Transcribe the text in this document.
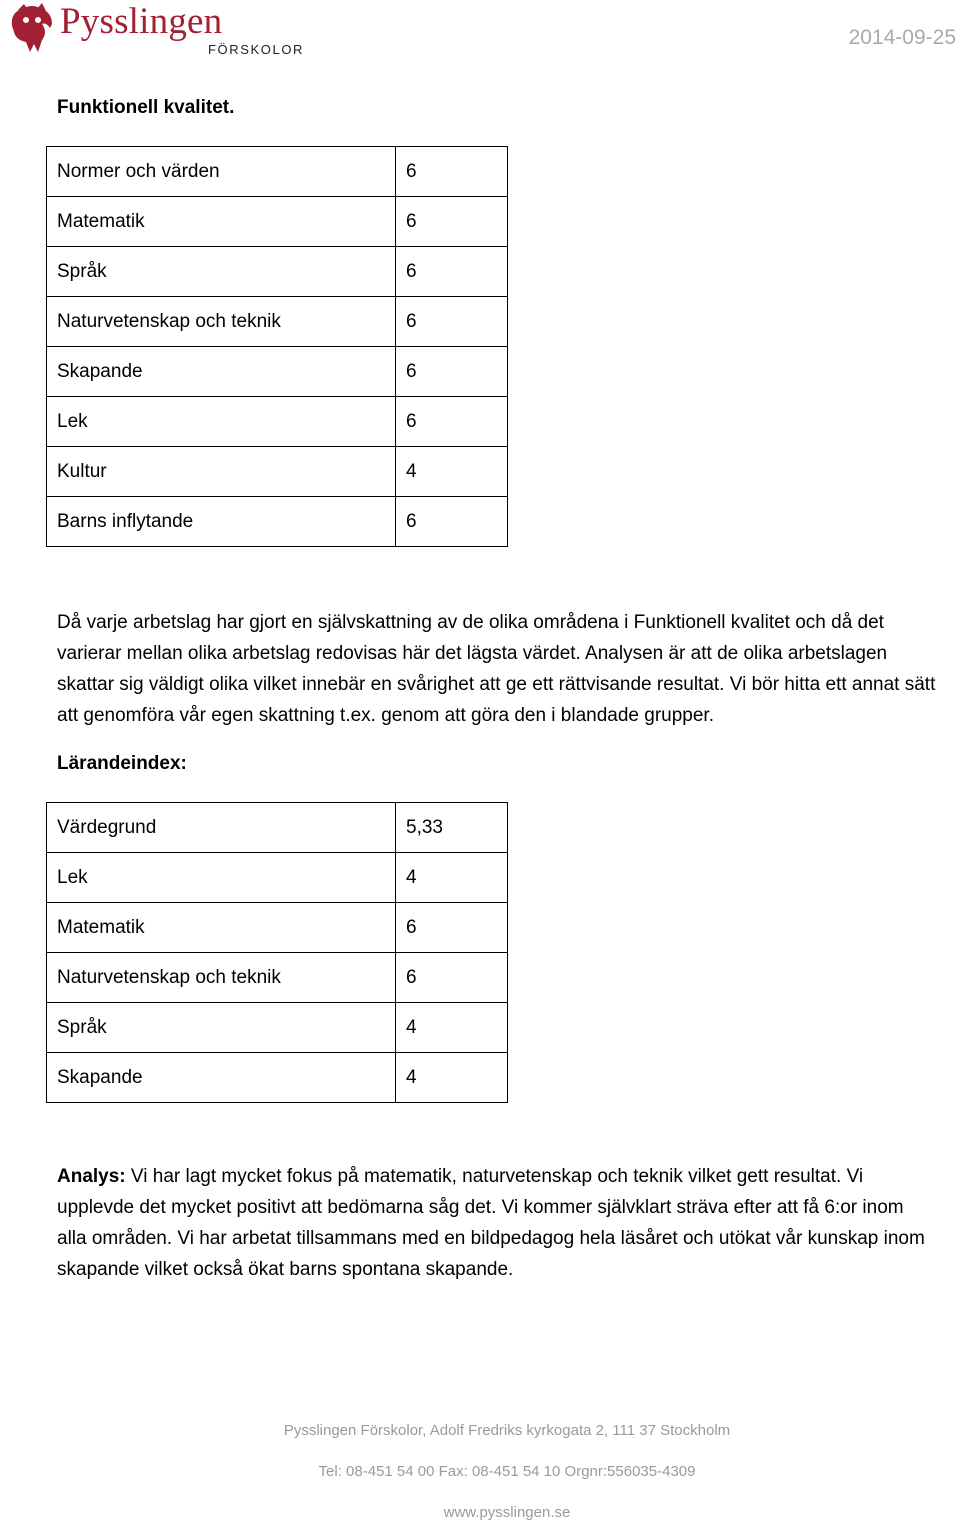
Pysslingen
FÖRSKOLOR
2014-09-25
Funktionell kvalitet.
Normer och värden	6
Matematik	6
Språk	6
Naturvetenskap och teknik	6
Skapande	6
Lek	6
Kultur	4
Barns inflytande	6
Då varje arbetslag har gjort en självskattning av de olika områdena i Funktionell kvalitet och då det varierar mellan olika arbetslag redovisas här det lägsta värdet. Analysen är att de olika arbetslagen skattar sig väldigt olika vilket innebär en svårighet att ge ett rättvisande resultat. Vi bör hitta ett annat sätt att genomföra vår egen skattning t.ex. genom att göra den i blandade grupper.
Lärandeindex:
Värdegrund	5,33
Lek	4
Matematik	6
Naturvetenskap och teknik	6
Språk	4
Skapande	4
Analys: Vi har lagt mycket fokus på matematik, naturvetenskap och teknik vilket gett resultat. Vi upplevde det mycket positivt att bedömarna såg det. Vi kommer självklart sträva efter att få 6:or inom alla områden. Vi har arbetat tillsammans med en bildpedagog hela läsåret och utökat vår kunskap inom skapande vilket också ökat barns spontana skapande.
Pysslingen Förskolor, Adolf Fredriks kyrkogata 2, 111 37 Stockholm
Tel: 08-451 54 00 Fax: 08-451 54 10 Orgnr:556035-4309
www.pysslingen.se
